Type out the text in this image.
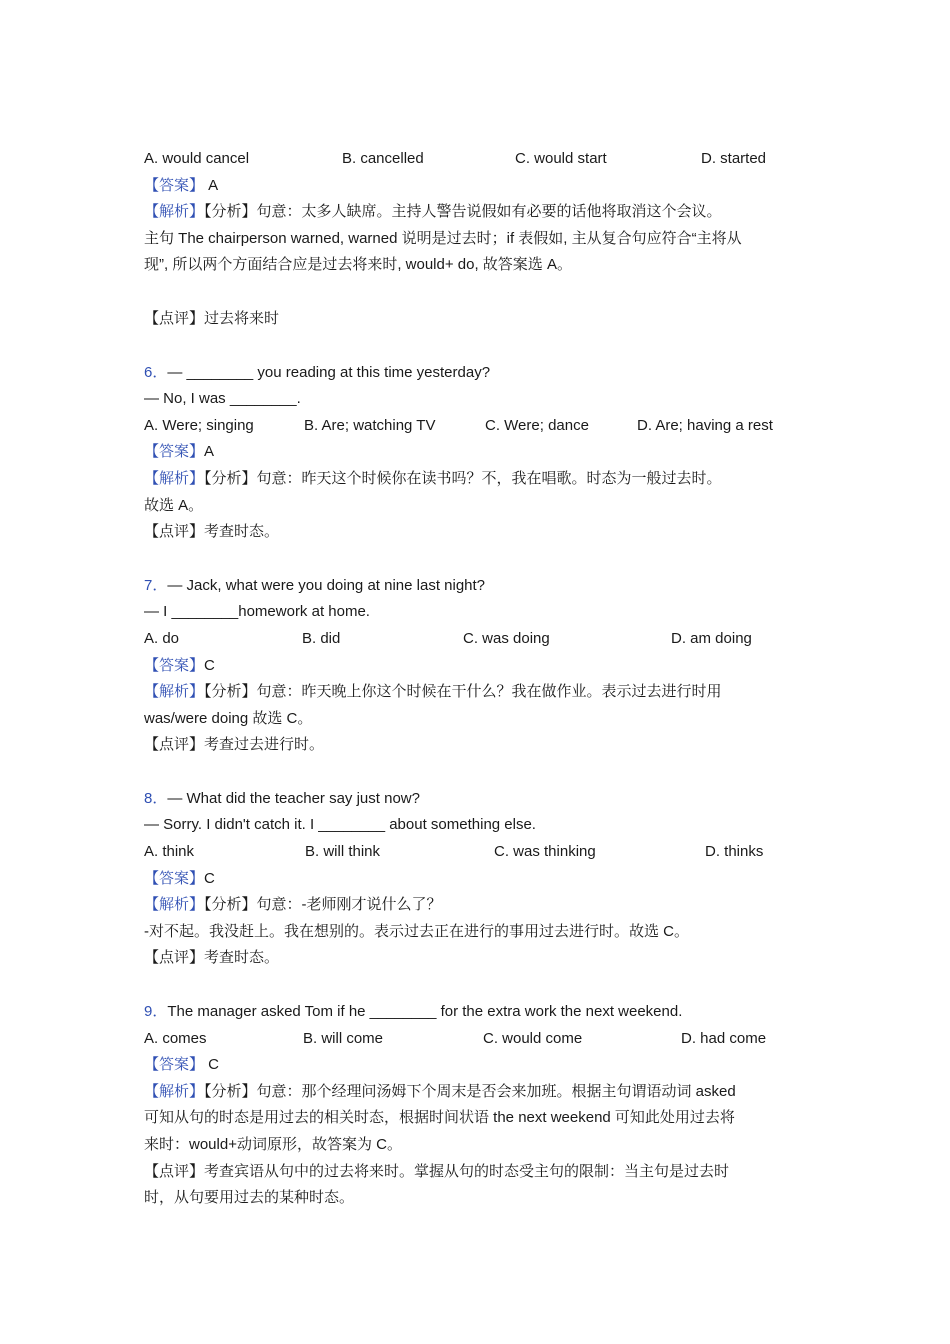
A. would cancel	B. cancelled	C. would start	D. started
【答案】 A
【解析】【分析】句意：太多人缺席。主持人警告说假如有必要的话他将取消这个会议。
主句 The chairperson warned, warned 说明是过去时；if 表假如, 主从复合句应符合“主将从
现”, 所以两个方面结合应是过去将来时, would+ do, 故答案选 A。
【点评】过去将来时
6．— ________ you reading at this time yesterday?
— No, I was ________.
A. Were; singing	B. Are; watching TV	C. Were; dance	D. Are; having a rest
【答案】A
【解析】【分析】句意：昨天这个时候你在读书吗？不，我在唱歌。时态为一般过去时。
故选 A。
【点评】考查时态。
7．— Jack, what were you doing at nine last night?
— I ________homework at home.
A. do	B. did	C. was doing	D. am doing
【答案】C
【解析】【分析】句意：昨天晚上你这个时候在干什么？我在做作业。表示过去进行时用
was/were doing 故选 C。
【点评】考查过去进行时。
8．— What did the teacher say just now?
— Sorry. I didn't catch it. I ________ about something else.
A. think	B. will think	C. was thinking	D. thinks
【答案】C
【解析】【分析】句意：-老师刚才说什么了？
-对不起。我没赶上。我在想别的。表示过去正在进行的事用过去进行时。故选 C。
【点评】考查时态。
9．The manager asked Tom if he ________ for the extra work the next weekend.
A. comes	B. will come	C. would come	D. had come
【答案】 C
【解析】【分析】句意：那个经理问汤姆下个周末是否会来加班。根据主句谓语动词 asked
可知从句的时态是用过去的相关时态，根据时间状语 the next weekend 可知此处用过去将
来时：would+动词原形，故答案为 C。
【点评】考查宾语从句中的过去将来时。掌握从句的时态受主句的限制：当主句是过去时
时，从句要用过去的某种时态。
